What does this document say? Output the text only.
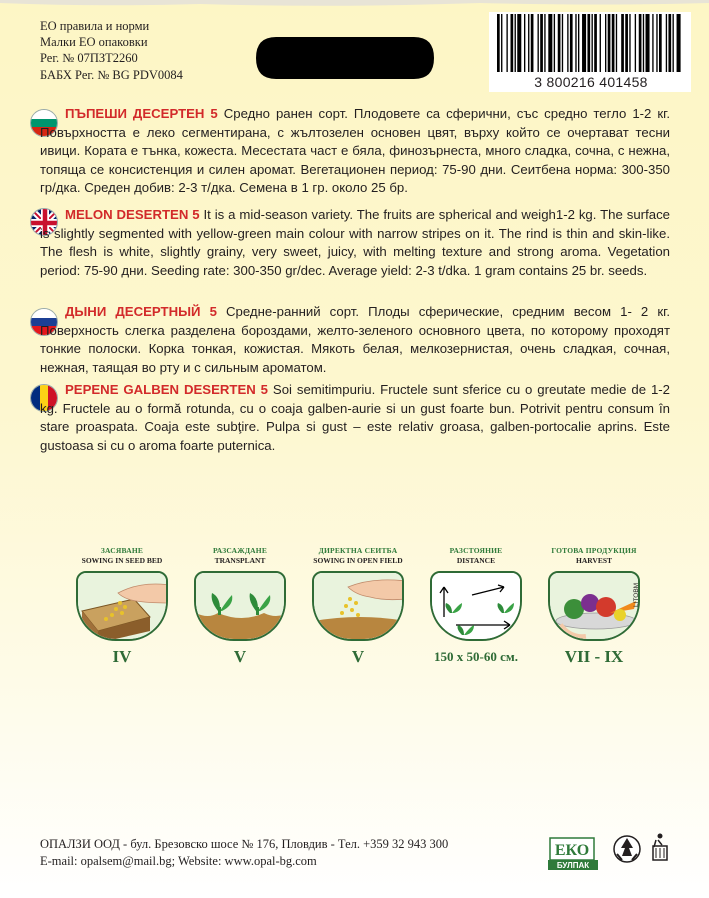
ЕО правила и норми
Малки ЕО опаковки
Рег. № 07ПЗТ2260
БАБХ Рег. № BG PDV0084	3 800216 401458

ПЪПЕШИ ДЕСЕРТЕН 5 Средно ранен сорт. Плодовете са сферични, със средно тегло 1-2 кг. Повърхността е леко сегментирана, с жълтозелен основен цвят, върху който се очертават тесни ивици. Кората е тънка, кожеста. Месестата част е бяла, финозърнеста, много сладка, сочна, с нежна, топяща се консистенция и силен аромат. Вегетационен период: 75-90 дни. Сеитбена норма: 300-350 гр/дка. Среден добив: 2-3 т/дка. Семена в 1 гр. около 25 бр.

MELON DESERTEN 5 It is a mid-season variety. The fruits are spherical and weigh1-2 kg. The surface is slightly segmented with yellow-green main colour with narrow stripes on it. The rind is thin and skin-like. The flesh is white, slightly grainy, very sweet, juicy, with melting texture and strong aroma. Vegetation period: 75-90 дни. Seeding rate: 300-350 gr/dec. Average yield: 2-3 t/dka. 1 gram contains 25 br. seeds.

ДЫНИ ДЕСЕРТНЫЙ 5 Средне-ранний сорт. Плоды сферические, средним весом 1- 2 кг. Поверхность слегка разделена бороздами, желто-зеленого основного цвета, по которому проходят тонкие полоски. Корка тонкая, кожистая. Мякоть белая, мелкозернистая, очень сладкая, сочная, нежная, таящая во рту и с сильным ароматом.

PEPENE GALBEN DESERTEN 5 Soi semitimpuriu. Fructele sunt sferice cu o greutate medie de 1-2 kg. Fructele au o formă rotunda, cu o coaja galben-aurie si un gust foarte bun. Potrivit pentru consum în stare proaspata. Coaja este subţire. Pulpa si gust – este relativ groasa, galben-portocalie aprins. Este gustoasa si cu o aroma foarte puternica.

ЗАСЯВАНЕ
SOWING IN SEED BED
IV
РАЗСАЖДАНЕ
TRANSPLANT
V
ДИРЕКТНА СЕИТБА
SOWING IN OPEN FIELD
V
РАЗСТОЯНИЕ
DISTANCE
150 x 50-60 см.
ГОТОВА ПРОДУКЦИЯ
HARVEST
VII - IX
LITOBM
ОПАЛЗИ ООД - бул. Брезовско шосе № 176, Пловдив - Тел. +359 32 943 300
E-mail: opalsem@mail.bg; Website: www.opal-bg.com
ЕКО
БУЛПАК
